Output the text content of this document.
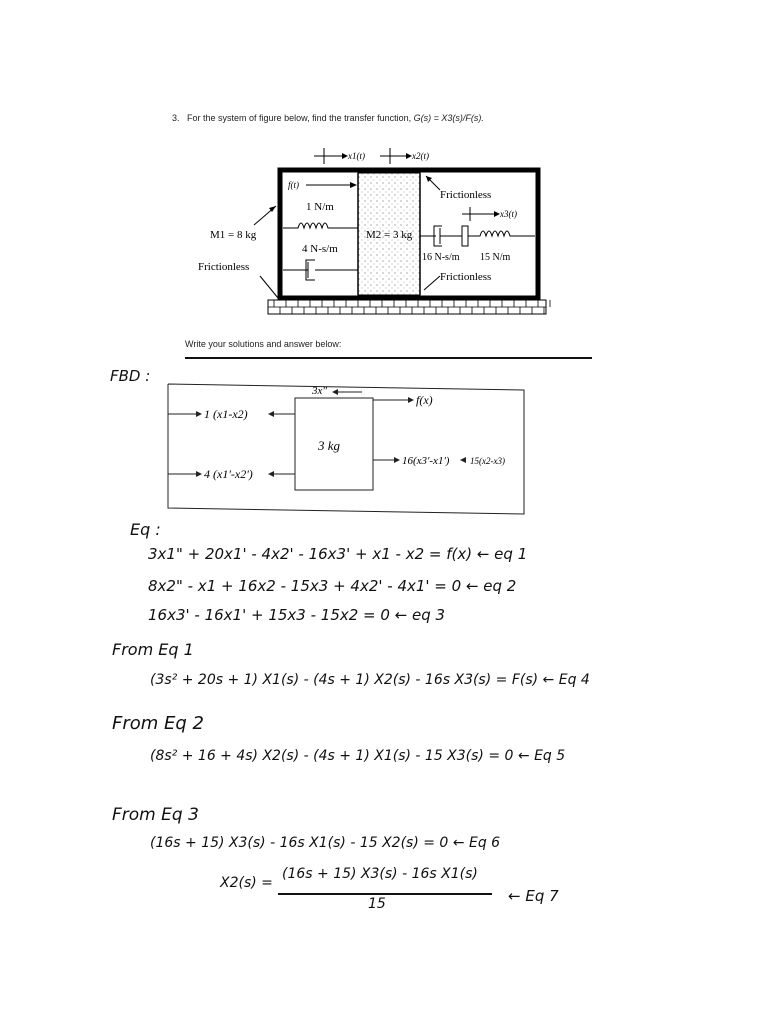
3. For the system of figure below, find the transfer function, G(s) = X3(s)/F(s).
x1(t)	x2(t)
f(t)
1 N/m
4 N-s/m
M1 = 8 kg	M2 = 3 kg
Frictionless
Frictionless
Frictionless
x3(t)
16 N-s/m 15 N/m
Write your solutions and answer below:
FBD :
3 kg
3x"
f(x)
1 (x1-x2)
4 (x1'-x2')
16(x3'-x1') 15(x2-x3)
Eq :
3x1" + 20x1' - 4x2' - 16x3' + x1 - x2 = f(x) ← eq 1
8x2" - x1 + 16x2 - 15x3 + 4x2' - 4x1' = 0 ← eq 2
16x3' - 16x1' + 15x3 - 15x2 = 0 ← eq 3
From Eq 1
(3s² + 20s + 1) X1(s) - (4s + 1) X2(s) - 16s X3(s) = F(s) ← Eq 4
From Eq 2
(8s² + 16 + 4s) X2(s) - (4s + 1) X1(s) - 15 X3(s) = 0 ← Eq 5
From Eq 3
(16s + 15) X3(s) - 16s X1(s) - 15 X2(s) = 0 ← Eq 6
X2(s) =
(16s + 15) X3(s) - 16s X1(s)
15	← Eq 7
